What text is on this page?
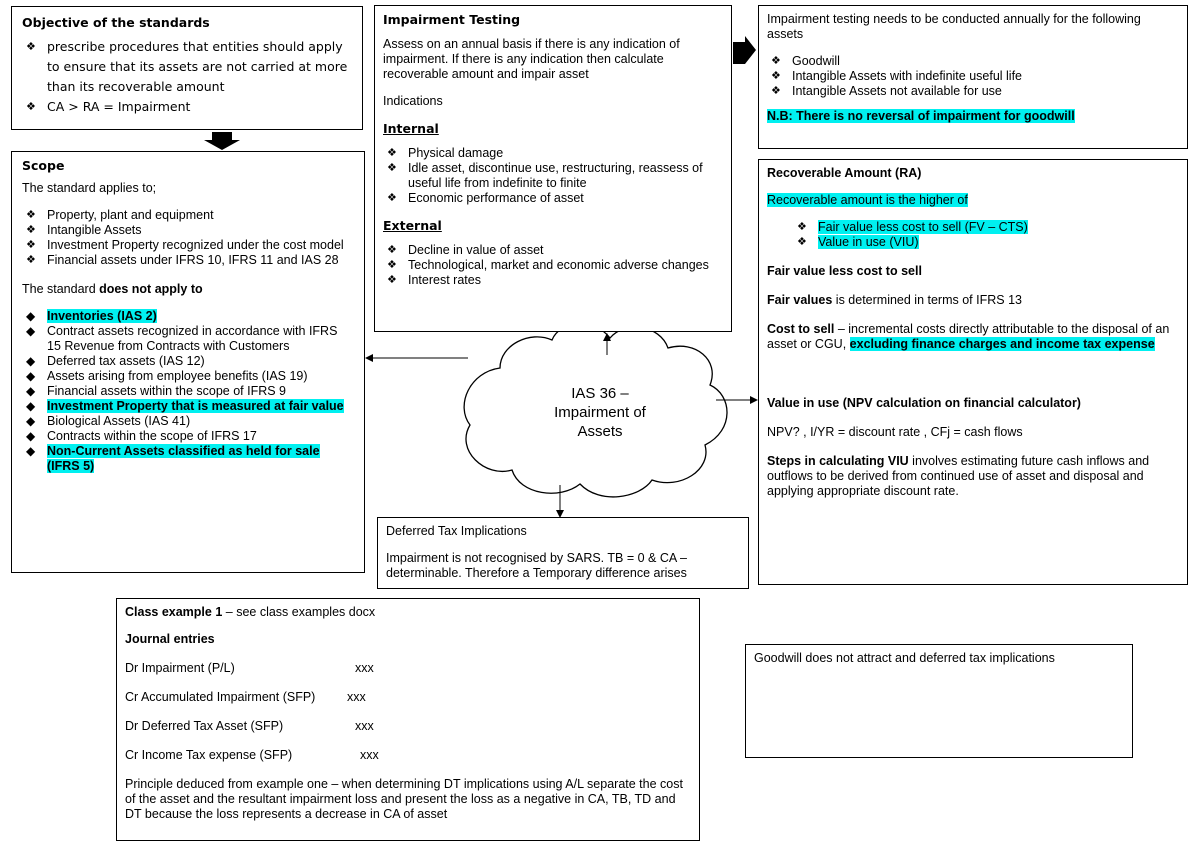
Objective of the standards
❖ prescribe procedures that entities should apply to ensure that its assets are not carried at more than its recoverable amount
❖ CA > RA = Impairment
Scope

The standard applies to;

❖ Property, plant and equipment
❖ Intangible Assets
❖ Investment Property recognized under the cost model
❖ Financial assets under IFRS 10, IFRS 11 and IAS 28

The standard does not apply to

◆ Inventories (IAS 2)
◆ Contract assets recognized in accordance with IFRS 15 Revenue from Contracts with Customers
◆ Deferred tax assets (IAS 12)
◆ Assets arising from employee benefits (IAS 19)
◆ Financial assets within the scope of IFRS 9
◆ Investment Property that is measured at fair value
◆ Biological Assets (IAS 41)
◆ Contracts within the scope of IFRS 17
◆ Non-Current Assets classified as held for sale (IFRS 5)
Impairment Testing

Assess on an annual basis if there is any indication of impairment. If there is any indication then calculate recoverable amount and impair asset

Indications

Internal

❖ Physical damage
❖ Idle asset, discontinue use, restructuring, reassess of useful life from indefinite to finite
❖ Economic performance of asset

External

❖ Decline in value of asset
❖ Technological, market and economic adverse changes
❖ Interest rates

Impairment testing needs to be conducted annually for the following assets

❖ Goodwill
❖ Intangible Assets with indefinite useful life
❖ Intangible Assets not available for use

N.B: There is no reversal of impairment for goodwill

Recoverable Amount (RA)

Recoverable amount is the higher of

❖ Fair value less cost to sell (FV – CTS)
❖ Value in use (VIU)

Fair value less cost to sell

Fair values is determined in terms of IFRS 13

Cost to sell – incremental costs directly attributable to the disposal of an asset or CGU, excluding finance charges and income tax expense

Value in use (NPV calculation on financial calculator)

NPV? , I/YR = discount rate , CFj = cash flows

Steps in calculating VIU involves estimating future cash inflows and outflows to be derived from continued use of asset and disposal and applying appropriate discount rate.

IAS 36 –
Impairment of
Assets

Deferred Tax Implications

Impairment is not recognised by SARS. TB = 0 & CA – determinable. Therefore a Temporary difference arises

Class example 1 – see class examples docx

Journal entries

Dr Impairment (P/L)	xxx
Cr Accumulated Impairment (SFP)	xxx
Dr Deferred Tax Asset (SFP)	xxx
Cr Income Tax expense (SFP)	xxx

Principle deduced from example one – when determining DT implications using A/L separate the cost of the asset and the resultant impairment loss and present the loss as a negative in CA, TB, TD and DT because the loss represents a decrease in CA of asset

Goodwill does not attract and deferred tax implications
